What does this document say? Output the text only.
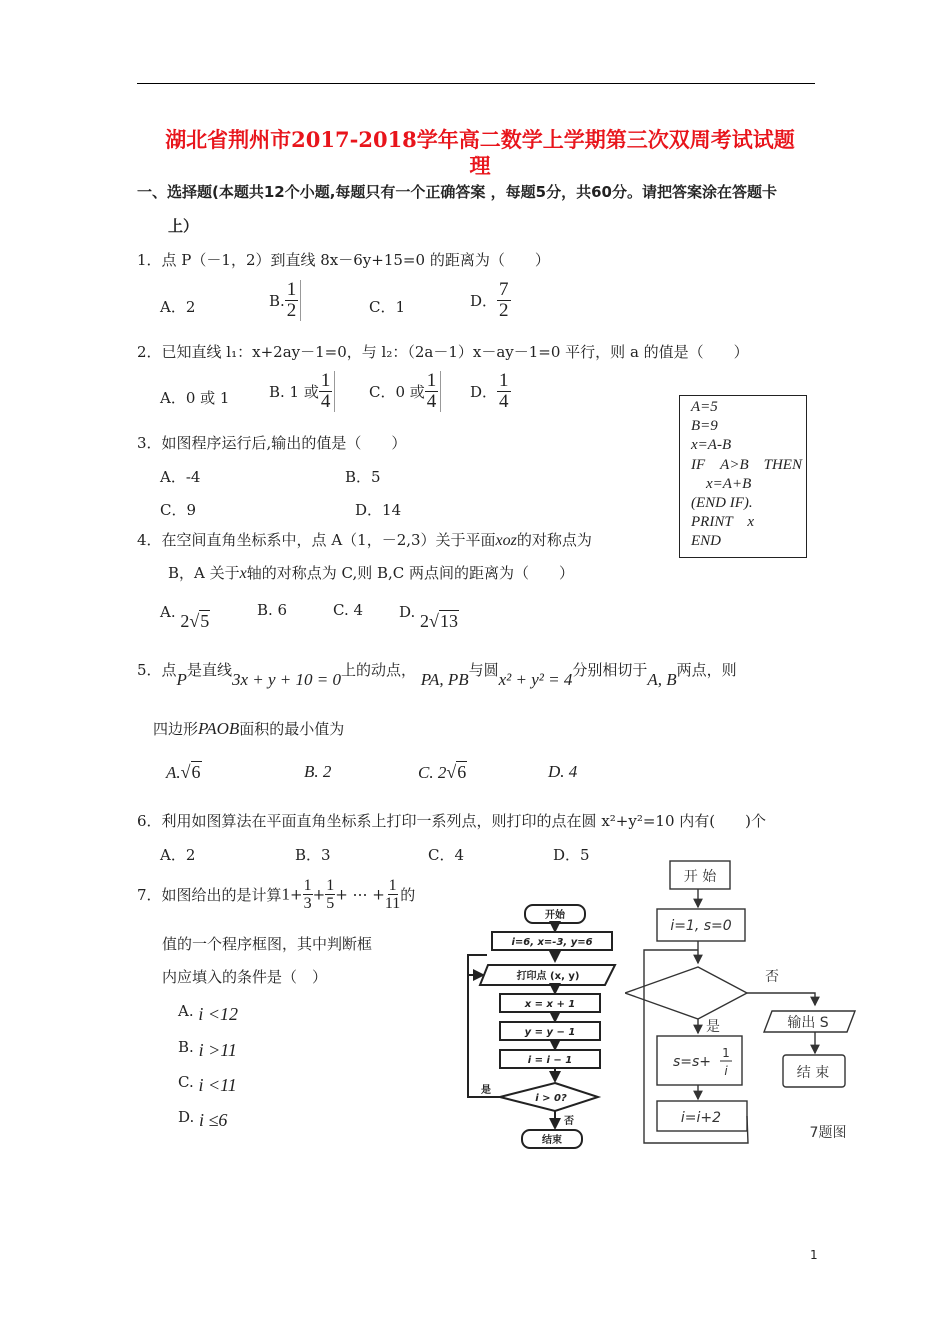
湖北省荆州市2017-2018学年高二数学上学期第三次双周考试试题
理
一、选择题(本题共12个小题,每题只有一个正确答案 ，每题5分，共60分。请把答案涂在答题卡
上）
1．点 P（－1，2）到直线 8x－6y+15=0 的距离为（　　）
A．2	B. $\frac{1}{2}$	C．1	D． $\frac{7}{2}$
2．已知直线 l₁：x+2ay－1=0，与 l₂：（2a－1）x－ay－1=0 平行，则 a 的值是（　　）
A．0 或 1	B. 1 或 $\frac{1}{4}$ C．0 或 $\frac{1}{4}$ D． $\frac{1}{4}$
3．如图程序运行后,输出的值是（　　）
A．-4	B．5
C．9	D．14
A=5
B=9
x=A-B
IF　A>B　THEN
　x=A+B
(END IF).
PRINT　x
END
4．在空间直角坐标系中，点 A（1，－2,3）关于平面xoz的对称点为
B，A 关于x轴的对称点为 C,则 B,C 两点间的距离为（　　）
A. 2√5
B. 6	C. 4 D. 2√13
5．点P是直线3x + y + 10 = 0上的动点， PA, PB与圆x² + y² = 4分别相切于A, B两点，则
四边形PAOB面积的最小值为
A.√6	B. 2	C. 2√6	D. 4
6．利用如图算法在平面直角坐标系上打印一系列点，则打印的点在圆 x²+y²=10 内有(　　)个
A．2	B．3	C．4	D．5
7．如图给出的是计算$1+ \frac{1}{3} + \frac{1}{5}$ + ⋯ + $\frac{1}{11}$ 的
值的一个程序框图，其中判断框
内应填入的条件是（　）
A. i <12
B. i >11
C. i <11
D. i ≤6
开始
i=6, x=-3, y=6
打印点 (x, y)
x = x + 1
y = y − 1
i = i − 1
i > 0?
是
否
结束
开 始
i=1, s=0
否
是	输出 S
结 束
s=s+
1
i
i=i+2
7题图
1
